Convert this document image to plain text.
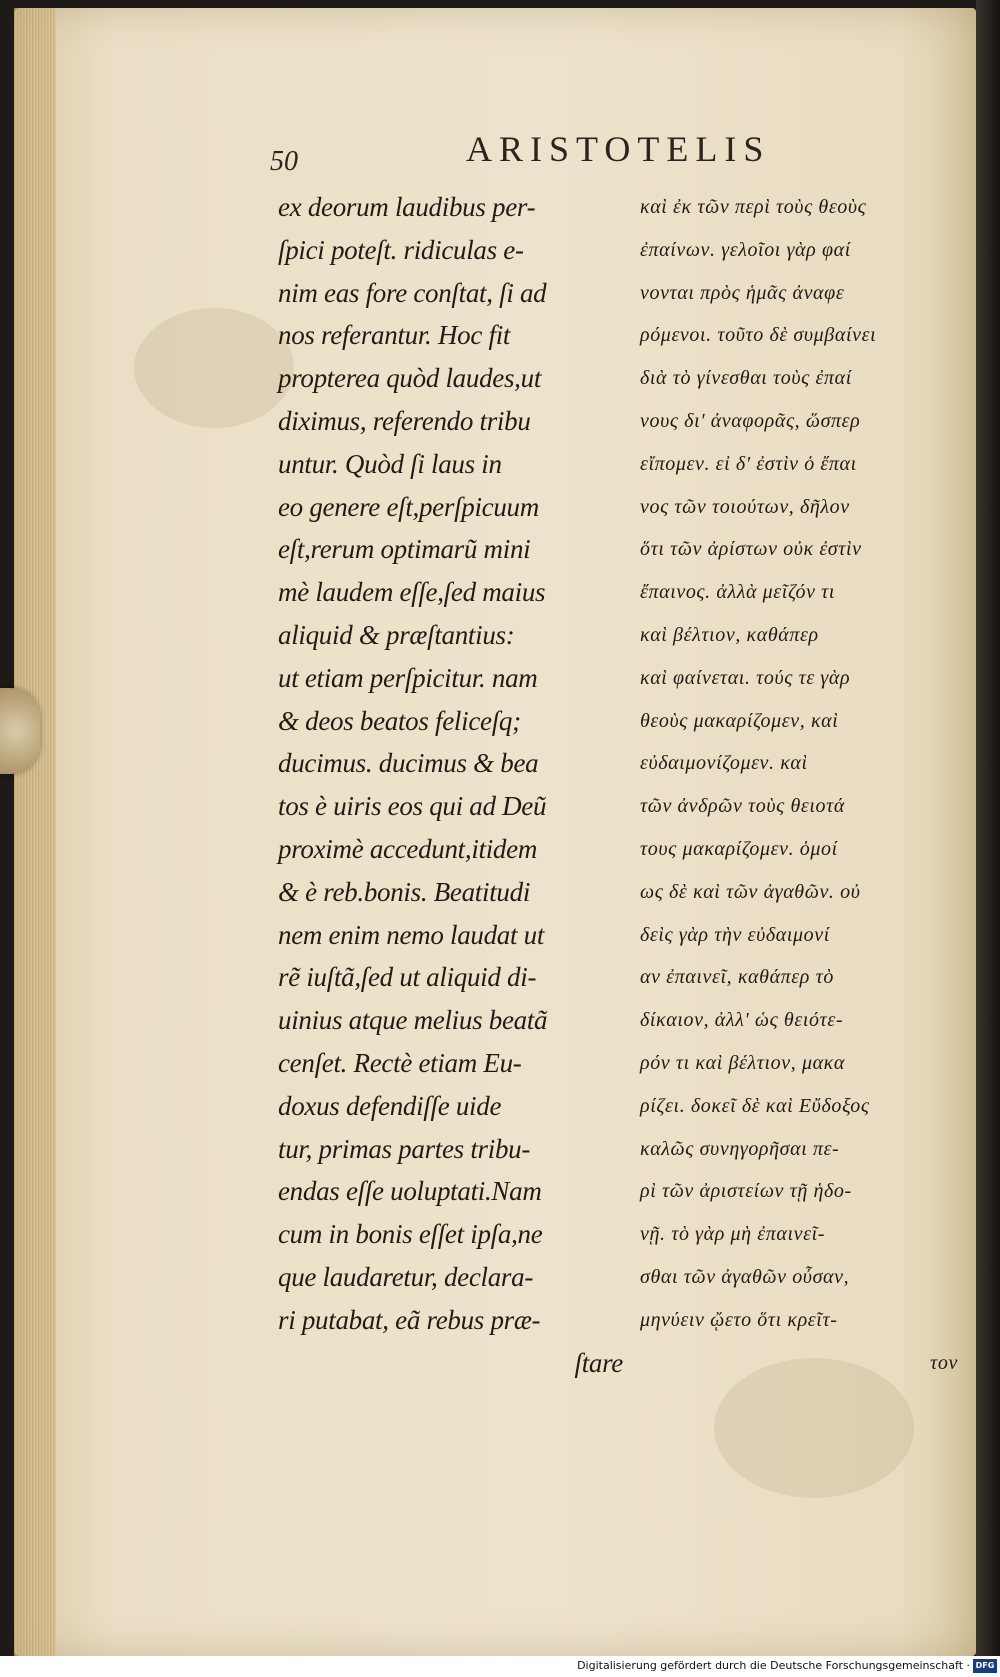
50	ARISTOTELIS
ex deorum laudibus per-
ſpici poteſt. ridiculas e-
nim eas fore conſtat, ſi ad
nos referantur. Hoc fit
propterea quòd laudes,ut
diximus, referendo tribu
untur. Quòd ſi laus in
eo genere eſt,perſpicuum
eſt,rerum optimarũ mini
mè laudem eſſe,ſed maius
aliquid & præſtantius:
ut etiam perſpicitur. nam
& deos beatos feliceſq;
ducimus. ducimus & bea
tos è uiris eos qui ad Deũ
proximè accedunt,itidem
& è reb.bonis. Beatitudi
nem enim nemo laudat ut
rẽ iuſtã,ſed ut aliquid di-
uinius atque melius beatã
cenſet. Rectè etiam Eu-
doxus defendiſſe uide
tur, primas partes tribu-
endas eſſe uoluptati.Nam
cum in bonis eſſet ipſa,ne
que laudaretur, declara-
ri putabat, eã rebus præ-
ſtare
καὶ ἐκ τῶν περὶ τοὺς θεοὺς
ἐπαίνων. γελοῖοι γὰρ φαί
νονται πρὸς ἡμᾶς ἀναφε
ρόμενοι. τοῦτο δὲ συμβαίνει
διὰ τὸ γίνεσθαι τοὺς ἐπαί
νους δι' ἀναφορᾶς, ὥσπερ
εἴπομεν. εἰ δ' ἐστὶν ὁ ἔπαι
νος τῶν τοιούτων, δῆλον
ὅτι τῶν ἀρίστων οὐκ ἐστὶν
ἔπαινος. ἀλλὰ μεῖζόν τι
καὶ βέλτιον, καθάπερ
καὶ φαίνεται. τούς τε γὰρ
θεοὺς μακαρίζομεν, καὶ
εὐδαιμονίζομεν. καὶ
τῶν ἀνδρῶν τοὺς θειοτά
τους μακαρίζομεν. ὁμοί
ως δὲ καὶ τῶν ἀγαθῶν. οὐ
δεὶς γὰρ τὴν εὐδαιμονί
αν ἐπαινεῖ, καθάπερ τὸ
δίκαιον, ἀλλ' ὡς θειότε-
ρόν τι καὶ βέλτιον, μακα
ρίζει. δοκεῖ δὲ καὶ Εὔδοξος
καλῶς συνηγορῆσαι πε-
ρὶ τῶν ἀριστείων τῇ ἡδο-
νῇ. τὸ γὰρ μὴ ἐπαινεῖ-
σθαι τῶν ἀγαθῶν οὖσαν,
μηνύειν ᾤετο ὅτι κρεῖτ-
τον
Digitalisierung gefördert durch die Deutsche Forschungsgemeinschaft · DFG
